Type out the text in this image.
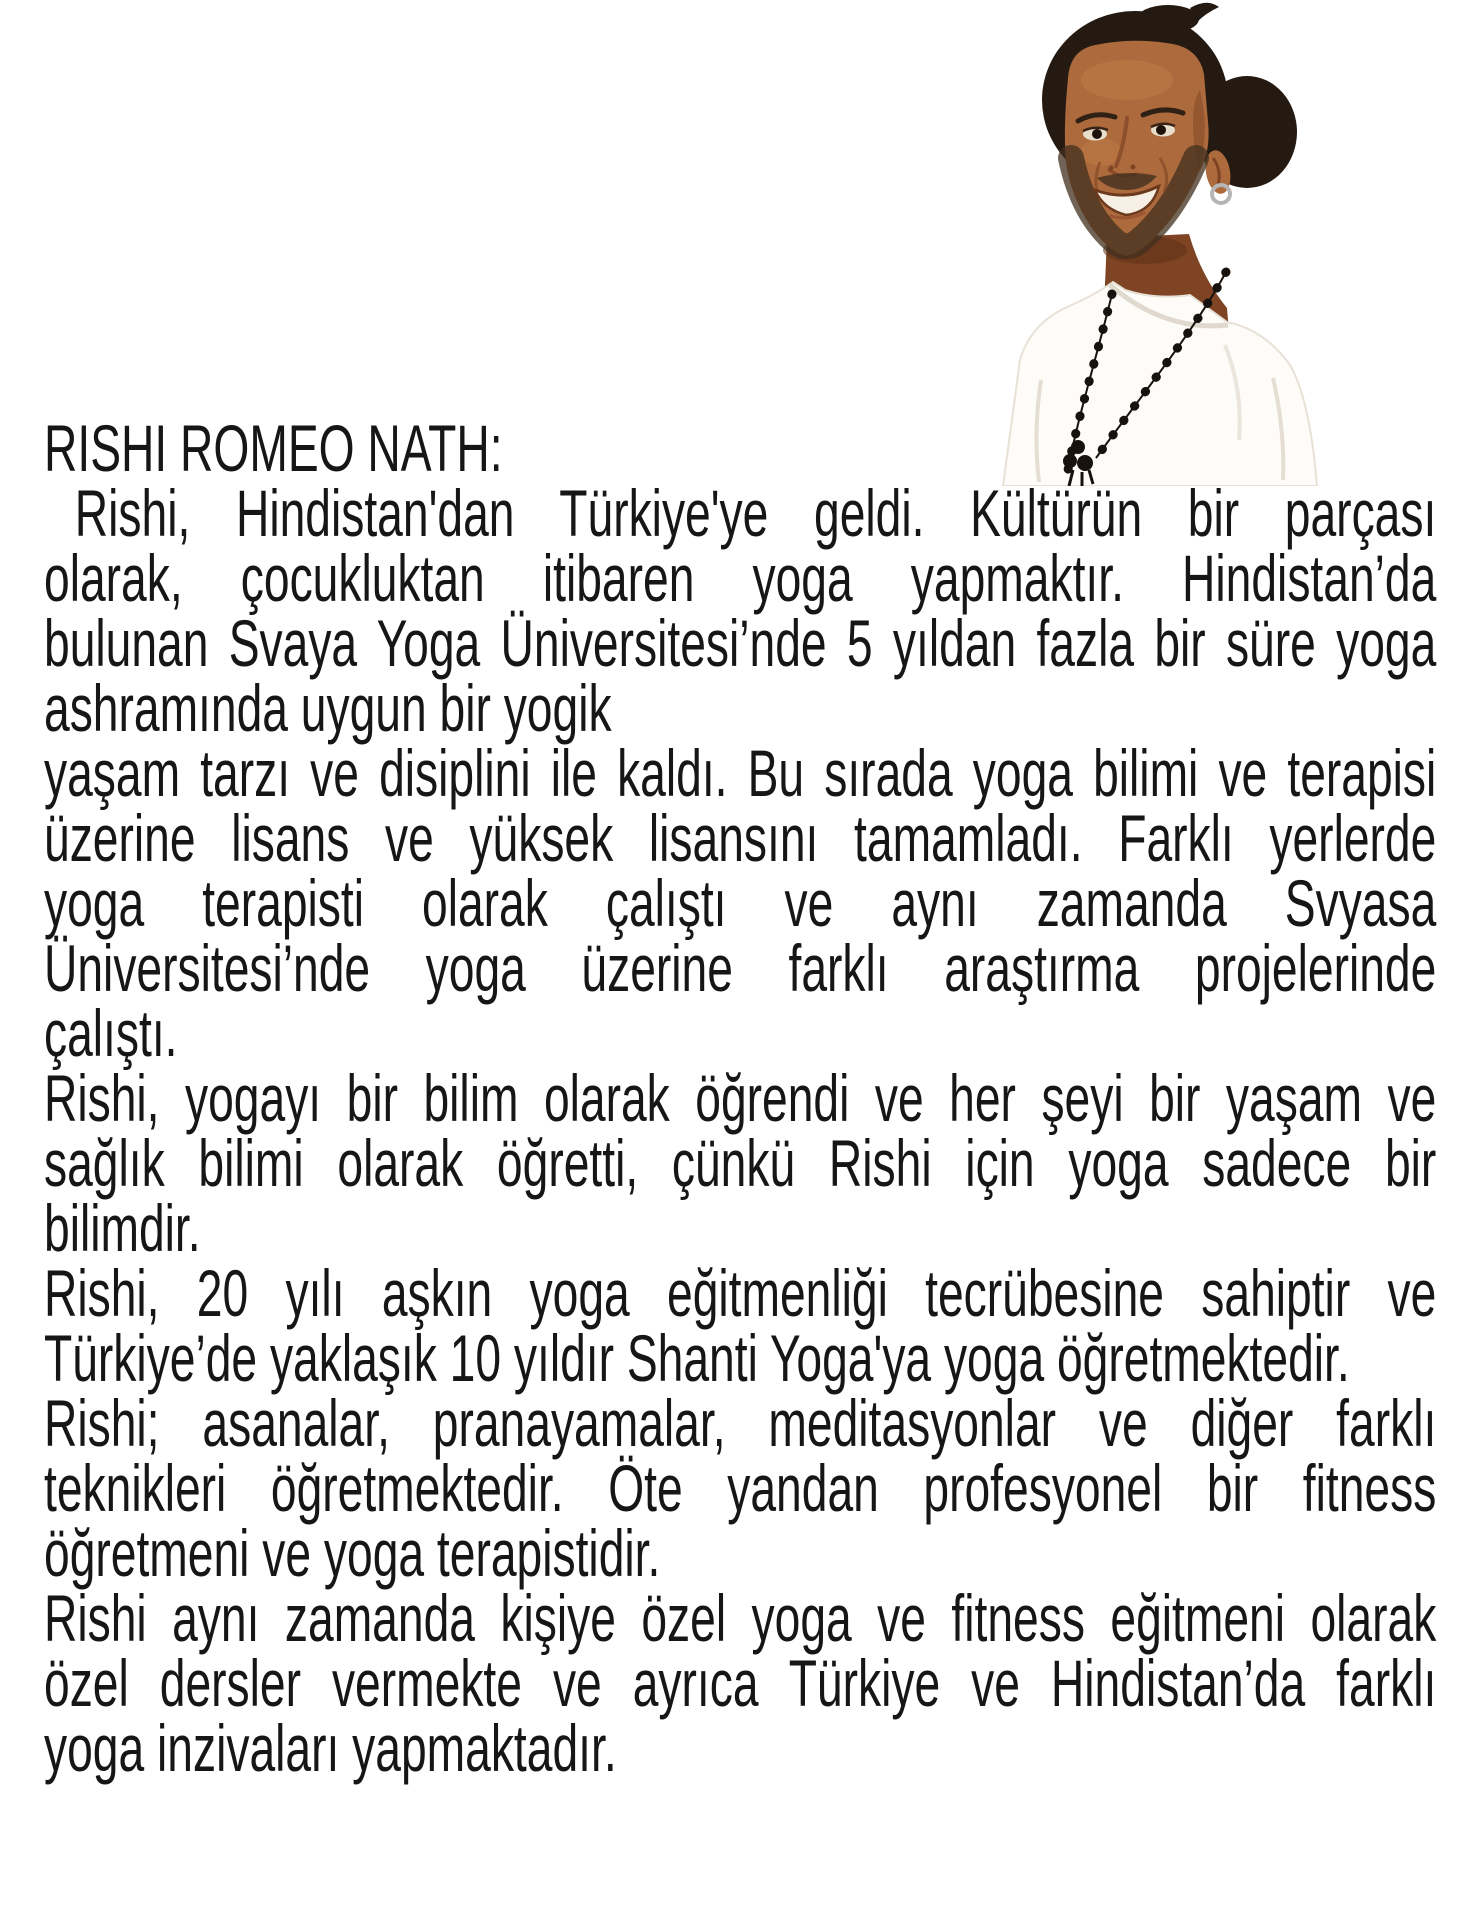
RISHI ROMEO NATH:
Rishi, Hindistan'dan Türkiye'ye geldi. Kültürün bir parçası
olarak, çocukluktan itibaren yoga yapmaktır. Hindistan’da
bulunan Svaya Yoga Üniversitesi’nde 5 yıldan fazla bir süre yoga
ashramında uygun bir yogik
yaşam tarzı ve disiplini ile kaldı. Bu sırada yoga bilimi ve terapisi
üzerine lisans ve yüksek lisansını tamamladı. Farklı yerlerde
yoga terapisti olarak çalıştı ve aynı zamanda Svyasa
Üniversitesi’nde yoga üzerine farklı araştırma projelerinde
çalıştı.
Rishi, yogayı bir bilim olarak öğrendi ve her şeyi bir yaşam ve
sağlık bilimi olarak öğretti, çünkü Rishi için yoga sadece bir
bilimdir.
Rishi, 20 yılı aşkın yoga eğitmenliği tecrübesine sahiptir ve
Türkiye’de yaklaşık 10 yıldır Shanti Yoga'ya yoga öğretmektedir.
Rishi; asanalar, pranayamalar, meditasyonlar ve diğer farklı
teknikleri öğretmektedir. Öte yandan profesyonel bir fitness
öğretmeni ve yoga terapistidir.
Rishi aynı zamanda kişiye özel yoga ve fitness eğitmeni olarak
özel dersler vermekte ve ayrıca Türkiye ve Hindistan’da farklı
yoga inzivaları yapmaktadır.
